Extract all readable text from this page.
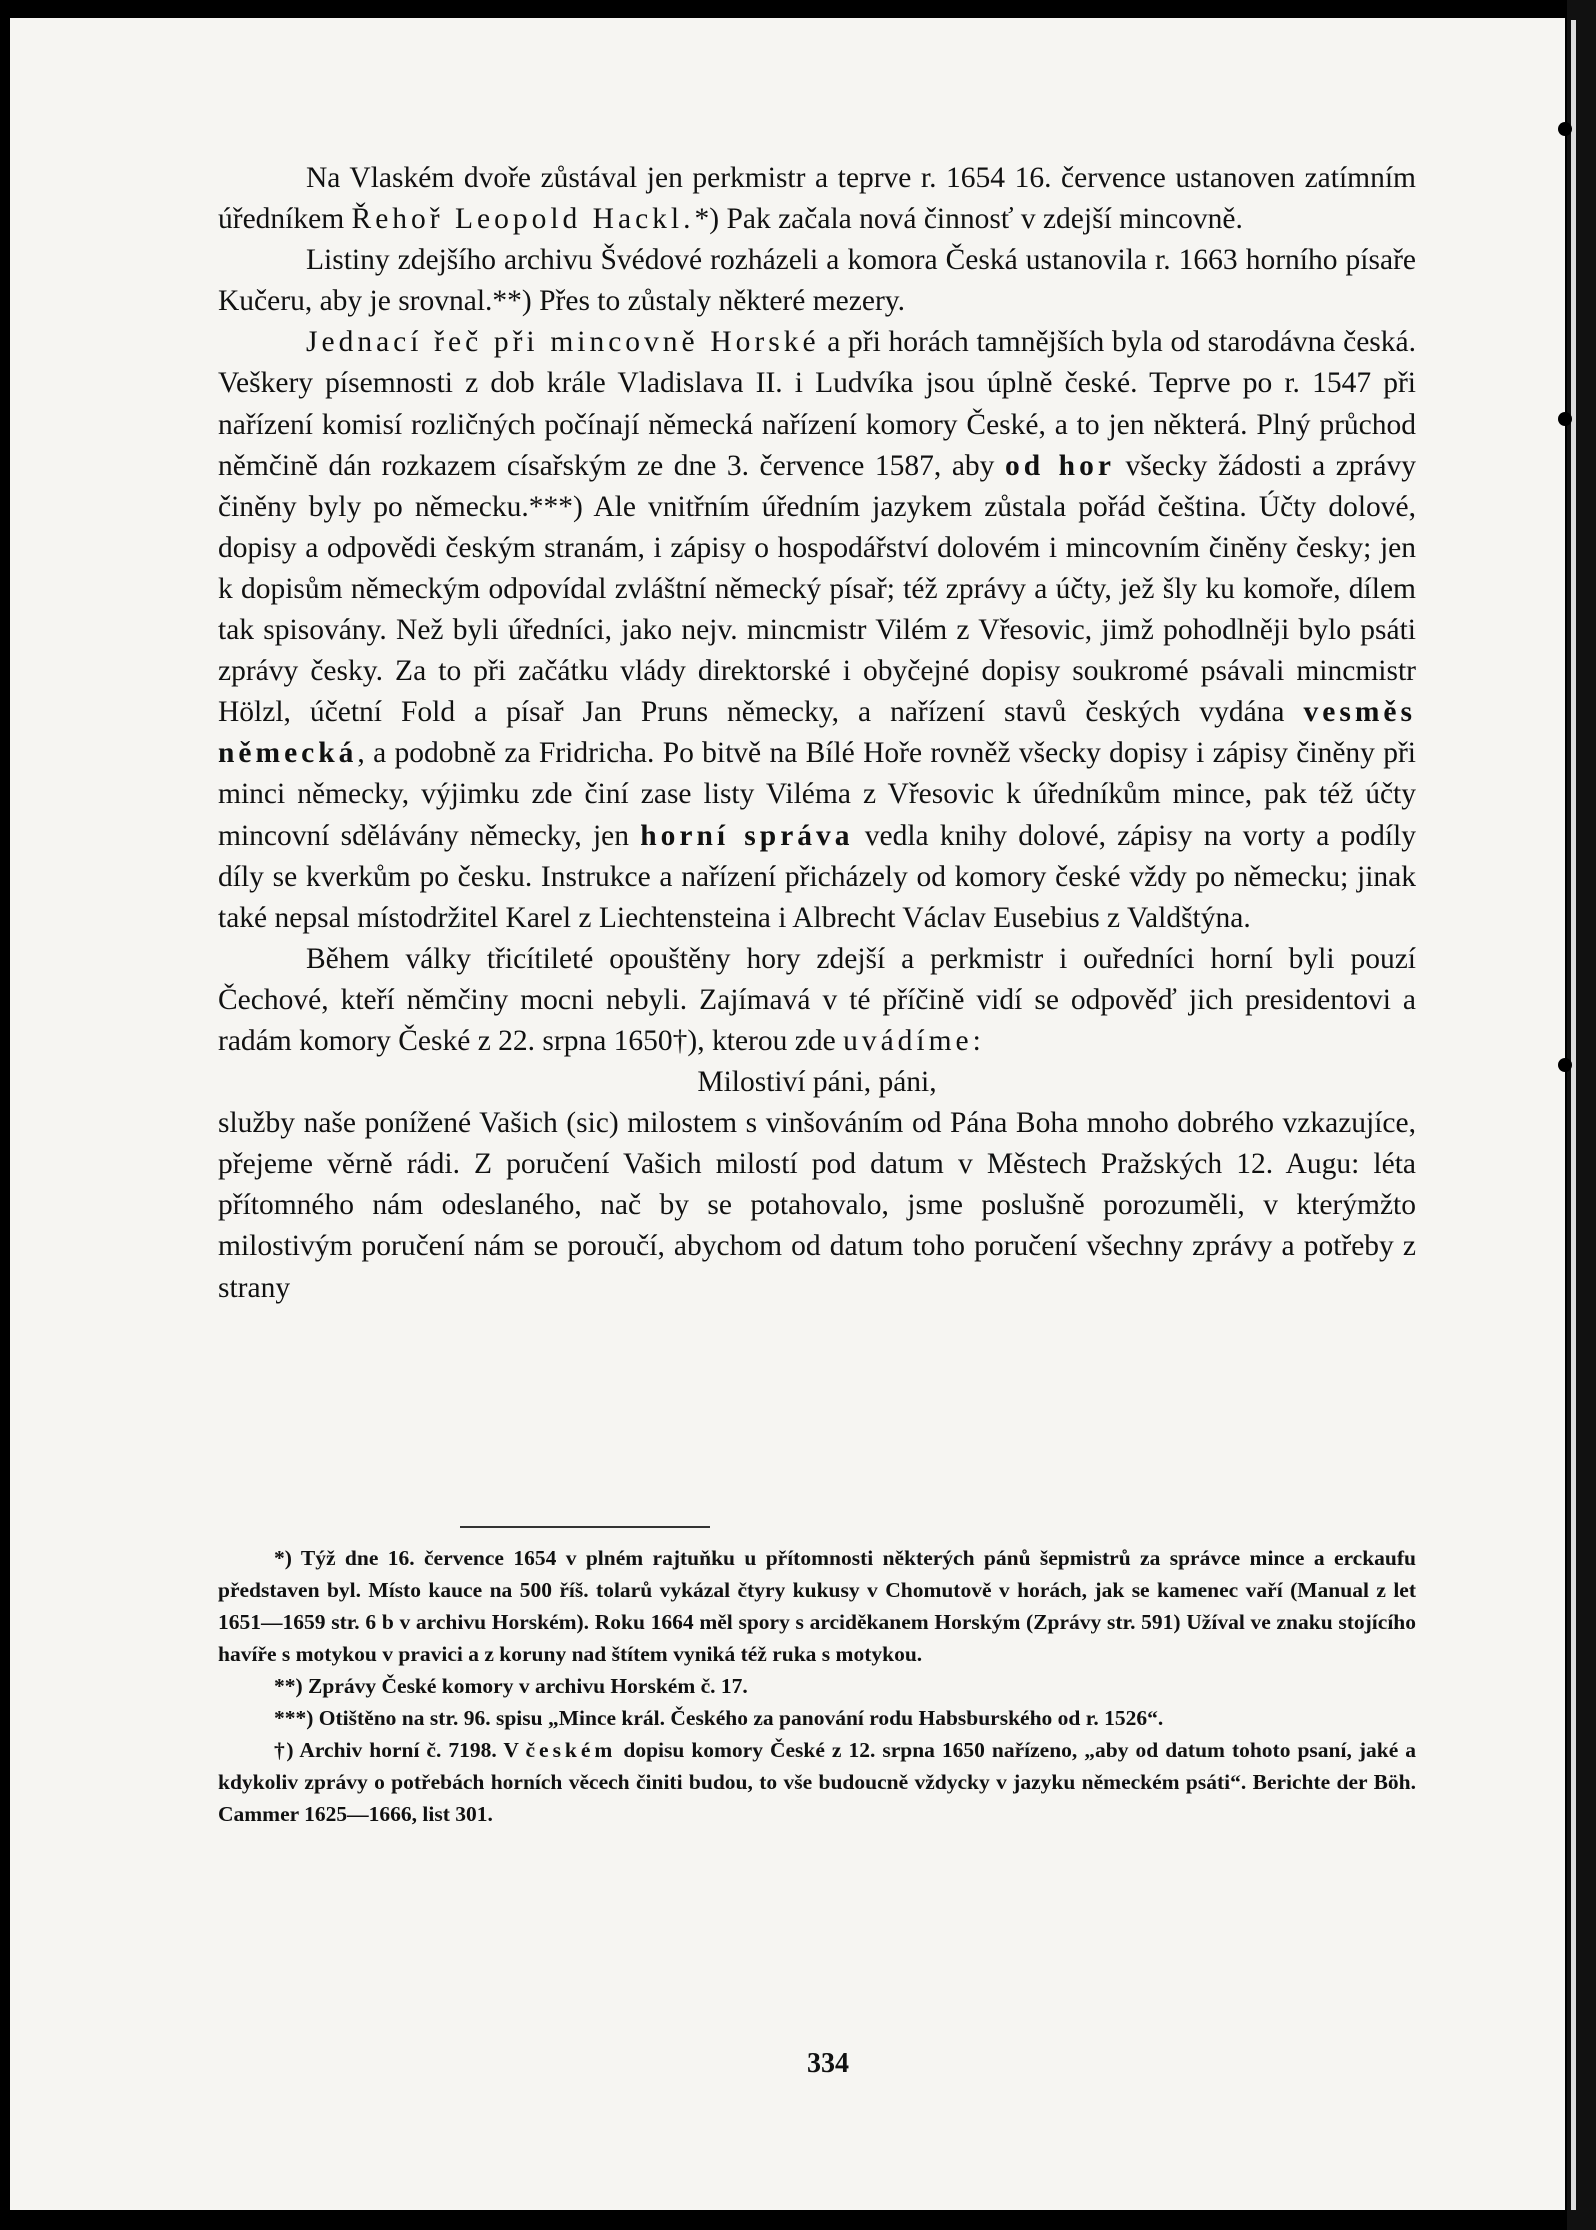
Na Vlaském dvoře zůstával jen perkmistr a teprve r. 1654 16. července ustanoven zatímním úředníkem Řehoř Leopold Hackl.*) Pak začala nová činnosť v zdejší mincovně.

Listiny zdejšího archivu Švédové rozházeli a komora Česká ustanovila r. 1663 horního písaře Kučeru, aby je srovnal.**) Přes to zůstaly některé mezery.

Jednací řeč při mincovně Horské a při horách tamnějších byla od starodávna česká. Veškery písemnosti z dob krále Vladislava II. i Ludvíka jsou úplně české. Teprve po r. 1547 při nařízení komisí rozličných počínají německá nařízení komory České, a to jen některá. Plný průchod němčině dán rozkazem císařským ze dne 3. července 1587, aby od hor všecky žádosti a zprávy činěny byly po německu.***) Ale vnitřním úředním jazykem zůstala pořád čeština. Účty dolové, dopisy a odpovědi českým stranám, i zápisy o hospodářství dolovém i mincovním činěny česky; jen k dopisům německým odpovídal zvláštní německý písař; též zprávy a účty, jež šly ku komoře, dílem tak spisovány. Než byli úředníci, jako nejv. mincmistr Vilém z Vřesovic, jimž pohodlněji bylo psáti zprávy česky. Za to při začátku vlády direktorské i obyčejné dopisy soukromé psávali mincmistr Hölzl, účetní Fold a písař Jan Pruns německy, a nařízení stavů českých vydána vesměs německá, a podobně za Fridricha. Po bitvě na Bílé Hoře rovněž všecky dopisy i zápisy činěny při minci německy, výjimku zde činí zase listy Viléma z Vřesovic k úředníkům mince, pak též účty mincovní sdělávány německy, jen horní správa vedla knihy dolové, zápisy na vorty a podíly díly se kverkům po česku. Instrukce a nařízení přicházely od komory české vždy po německu; jinak také nepsal místodržitel Karel z Liechtensteina i Albrecht Václav Eusebius z Valdštýna.

Během války třicítileté opouštěny hory zdejší a perkmistr i ouředníci horní byli pouzí Čechové, kteří němčiny mocni nebyli. Zajímavá v té příčině vidí se odpověď jich presidentovi a radám komory České z 22. srpna 1650†), kterou zde uvádíme:

Milostiví páni, páni,

služby naše ponížené Vašich (sic) milostem s vinšováním od Pána Boha mnoho dobrého vzkazujíce, přejeme věrně rádi. Z poručení Vašich milostí pod datum v Městech Pražských 12. Augu: léta přítomného nám odeslaného, nač by se potahovalo, jsme poslušně porozuměli, v kterýmžto milostivým poručení nám se poroučí, abychom od datum toho poručení všechny zprávy a potřeby z strany

*) Týž dne 16. července 1654 v plném rajtuňku u přítomnosti některých pánů šepmistrů za správce mince a erckaufu představen byl. Místo kauce na 500 říš. tolarů vykázal čtyry kukusy v Chomutově v horách, jak se kamenec vaří (Manual z let 1651—1659 str. 6 b v archivu Horském). Roku 1664 měl spory s arciděkanem Horským (Zprávy str. 591) Užíval ve znaku stojícího havíře s motykou v pravici a z koruny nad štítem vyniká též ruka s motykou.

**) Zprávy České komory v archivu Horském č. 17.

***) Otištěno na str. 96. spisu „Mince král. Českého za panování rodu Habsburského od r. 1526“.

†) Archiv horní č. 7198. V českém dopisu komory České z 12. srpna 1650 nařízeno, „aby od datum tohoto psaní, jaké a kdykoliv zprávy o potřebách horních věcech činiti budou, to vše budoucně vždycky v jazyku německém psáti“. Berichte der Böh. Cammer 1625—1666, list 301.

334
